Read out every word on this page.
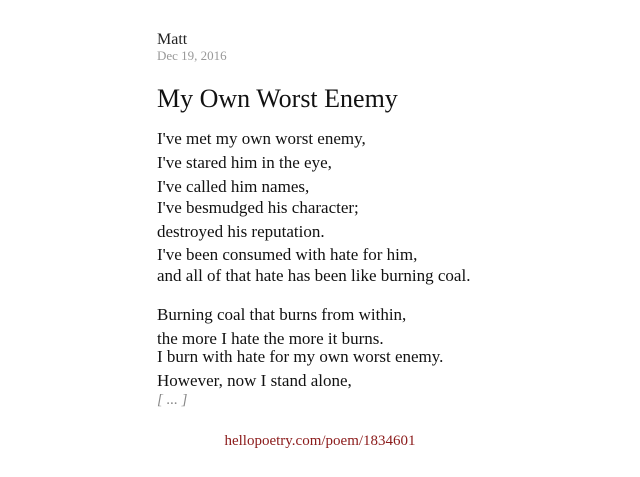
Matt
Dec 19, 2016
My Own Worst Enemy
I've met my own worst enemy,
I've stared him in the eye,
I've called him names,
I've besmudged his character;
destroyed his reputation.
I've been consumed with hate for him,
and all of that hate has been like burning coal.
Burning coal that burns from within,
the more I hate the more it burns.
I burn with hate for my own worst enemy.
However, now I stand alone,
[ ... ]
hellopoetry.com/poem/1834601
